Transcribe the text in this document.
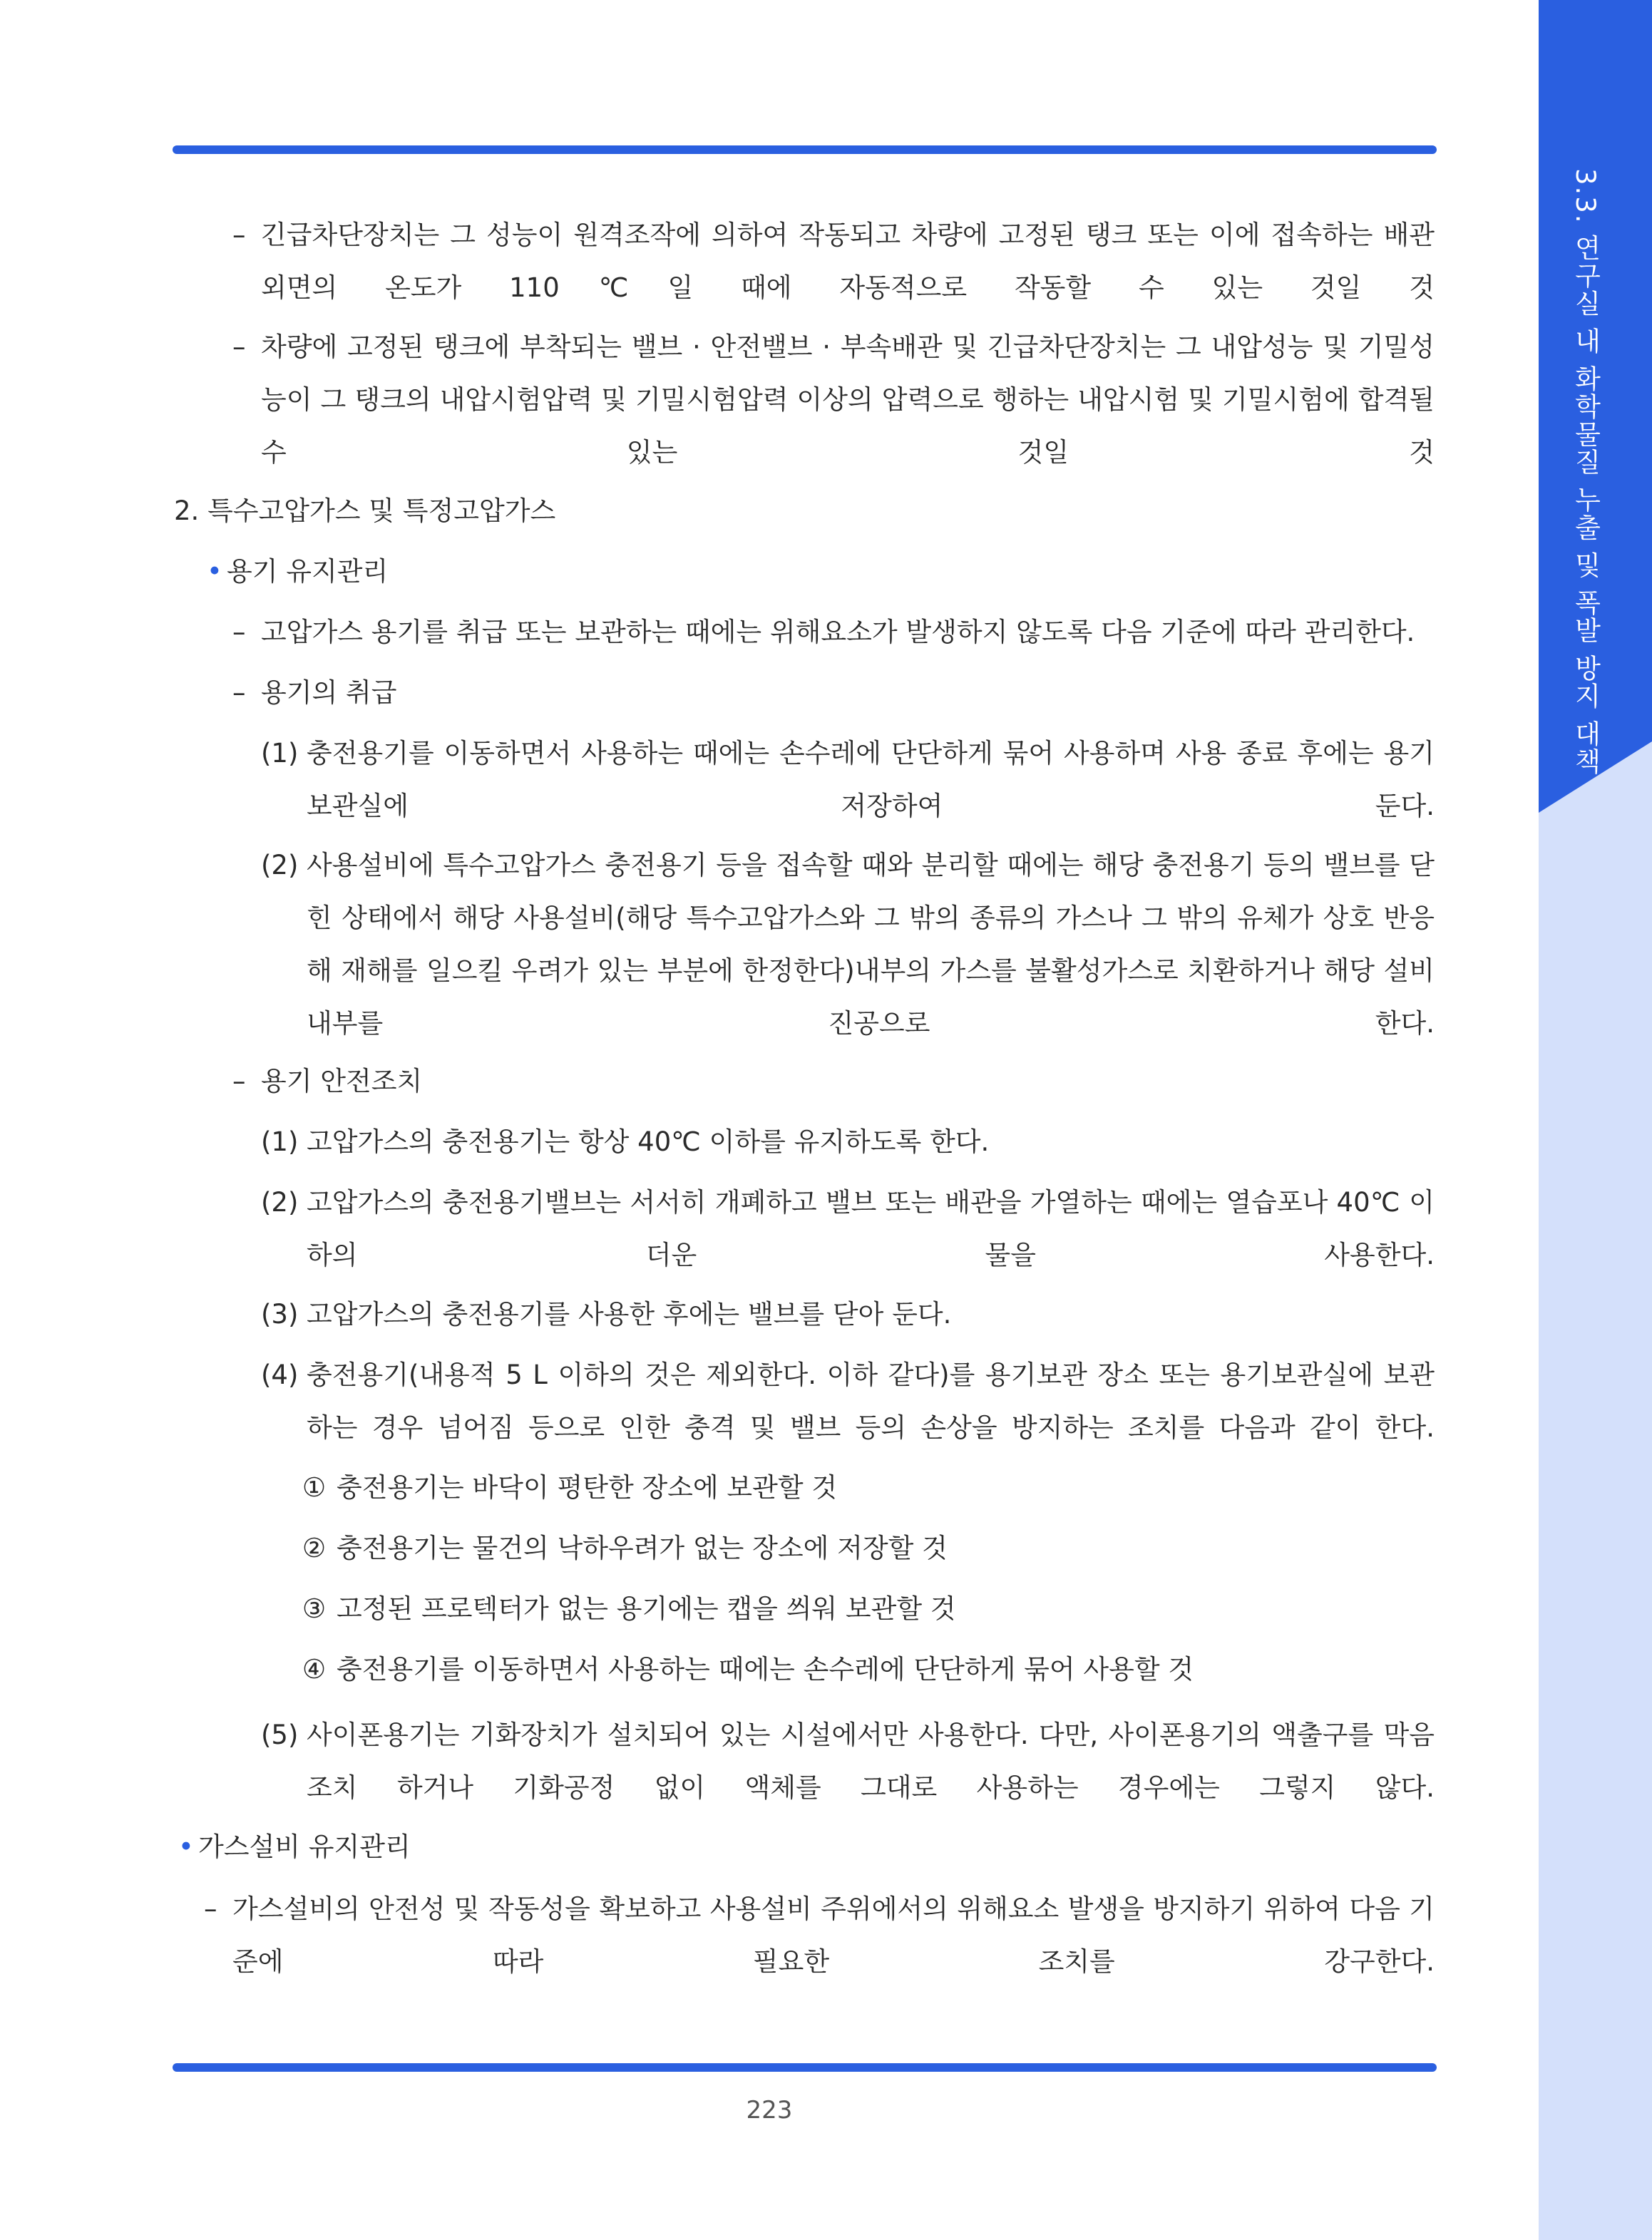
3.3. 연구실 내 화학물질 누출 및 폭발 방지 대책
– 긴급차단장치는 그 성능이 원격조작에 의하여 작동되고 차량에 고정된 탱크 또는 이에 접속하는 배관 외면의 온도가 110℃일 때에 자동적으로 작동할 수 있는 것일 것
– 차량에 고정된 탱크에 부착되는 밸브 · 안전밸브 · 부속배관 및 긴급차단장치는 그 내압성능 및 기밀성능이 그 탱크의 내압시험압력 및 기밀시험압력 이상의 압력으로 행하는 내압시험 및 기밀시험에 합격될 수 있는 것일 것
2. 특수고압가스 및 특정고압가스
• 용기 유지관리
– 고압가스 용기를 취급 또는 보관하는 때에는 위해요소가 발생하지 않도록 다음 기준에 따라 관리한다.
– 용기의 취급
(1) 충전용기를 이동하면서 사용하는 때에는 손수레에 단단하게 묶어 사용하며 사용 종료 후에는 용기 보관실에 저장하여 둔다.
(2) 사용설비에 특수고압가스 충전용기 등을 접속할 때와 분리할 때에는 해당 충전용기 등의 밸브를 닫힌 상태에서 해당 사용설비(해당 특수고압가스와 그 밖의 종류의 가스나 그 밖의 유체가 상호 반응해 재해를 일으킬 우려가 있는 부분에 한정한다)내부의 가스를 불활성가스로 치환하거나 해당 설비내부를 진공으로 한다.
– 용기 안전조치
(1) 고압가스의 충전용기는 항상 40℃ 이하를 유지하도록 한다.
(2) 고압가스의 충전용기밸브는 서서히 개폐하고 밸브 또는 배관을 가열하는 때에는 열습포나 40℃ 이하의 더운 물을 사용한다.
(3) 고압가스의 충전용기를 사용한 후에는 밸브를 닫아 둔다.
(4) 충전용기(내용적 5 L 이하의 것은 제외한다. 이하 같다)를 용기보관 장소 또는 용기보관실에 보관하는 경우 넘어짐 등으로 인한 충격 및 밸브 등의 손상을 방지하는 조치를 다음과 같이 한다.
① 충전용기는 바닥이 평탄한 장소에 보관할 것
② 충전용기는 물건의 낙하우려가 없는 장소에 저장할 것
③ 고정된 프로텍터가 없는 용기에는 캡을 씌워 보관할 것
④ 충전용기를 이동하면서 사용하는 때에는 손수레에 단단하게 묶어 사용할 것
(5) 사이폰용기는 기화장치가 설치되어 있는 시설에서만 사용한다. 다만, 사이폰용기의 액출구를 막음조치 하거나 기화공정 없이 액체를 그대로 사용하는 경우에는 그렇지 않다.
• 가스설비 유지관리
– 가스설비의 안전성 및 작동성을 확보하고 사용설비 주위에서의 위해요소 발생을 방지하기 위하여 다음 기준에 따라 필요한 조치를 강구한다.
223
